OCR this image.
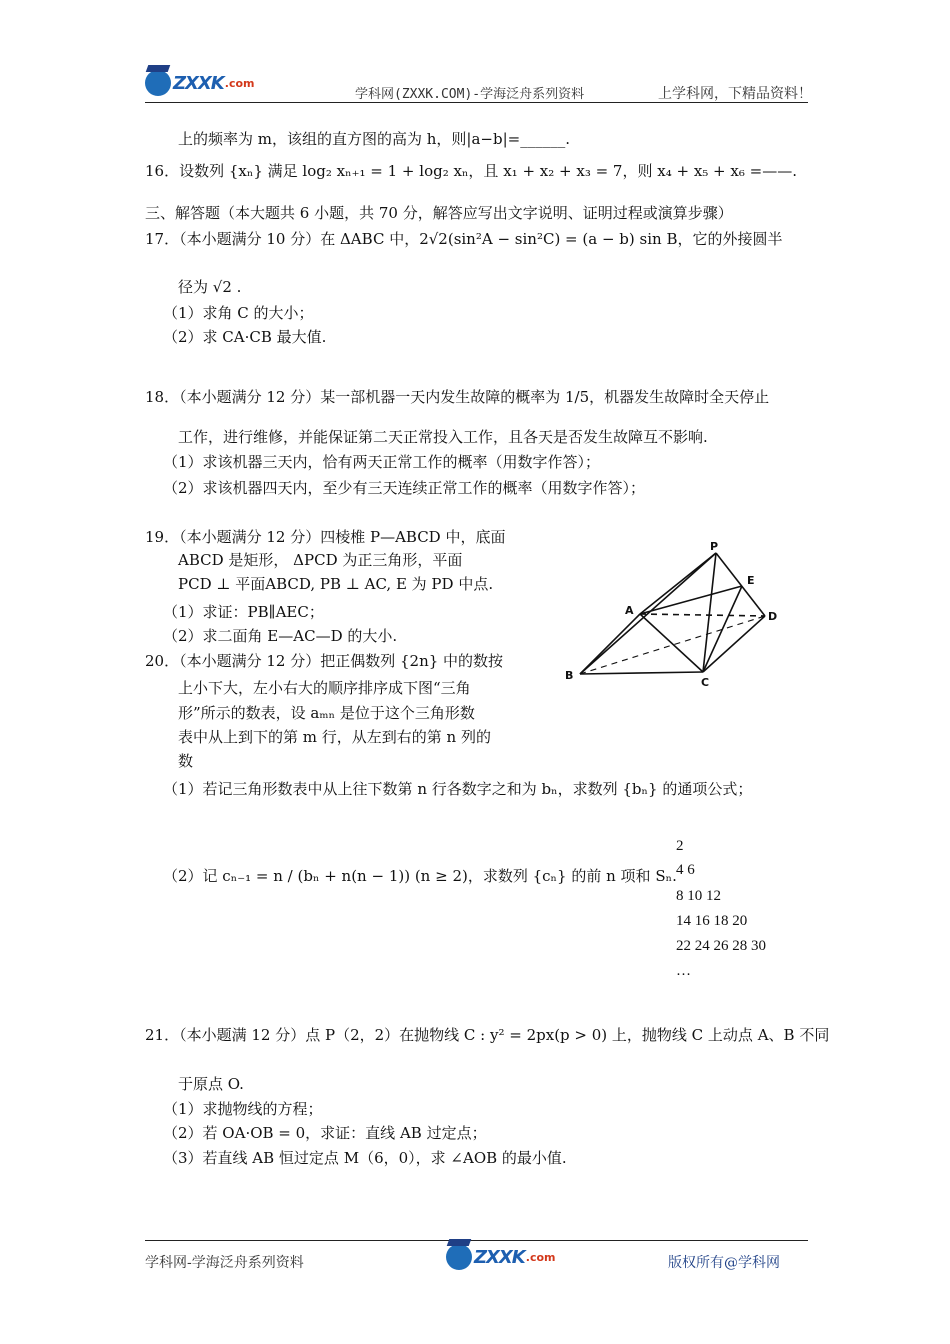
ZXXK .com
学科网(ZXXK.COM)-学海泛舟系列资料	上学科网，下精品资料！
上的频率为 m，该组的直方图的高为 h，则|a−b|=______.
16．设数列 {xₙ} 满足 log₂ xₙ₊₁ = 1 + log₂ xₙ，且 x₁ + x₂ + x₃ = 7，则 x₄ + x₅ + x₆ =——.
三、解答题（本大题共 6 小题，共 70 分，解答应写出文字说明、证明过程或演算步骤）
17．（本小题满分 10 分）在 ΔABC 中，2√2(sin²A − sin²C) = (a − b) sin B，它的外接圆半
径为 √2 .
（1）求角 C 的大小；
（2）求 CA·CB 最大值.
18．（本小题满分 12 分）某一部机器一天内发生故障的概率为 1/5，机器发生故障时全天停止
工作，进行维修，并能保证第二天正常投入工作，且各天是否发生故障互不影响.
（1）求该机器三天内，恰有两天正常工作的概率（用数字作答）；
（2）求该机器四天内，至少有三天连续正常工作的概率（用数字作答）；
19．（本小题满分 12 分）四棱椎 P—ABCD 中，底面
ABCD 是矩形， ΔPCD 为正三角形，平面
PCD ⊥ 平面ABCD, PB ⊥ AC, E 为 PD 中点.
（1）求证：PB∥AEC；
（2）求二面角 E—AC—D 的大小.
20．（本小题满分 12 分）把正偶数列 {2n} 中的数按
上小下大，左小右大的顺序排序成下图“三角
形”所示的数表，设 aₘₙ 是位于这个三角形数
表中从上到下的第 m 行，从左到右的第 n 列的
数
（1）若记三角形数表中从上往下数第 n 行各数字之和为 bₙ，求数列 {bₙ} 的通项公式；
（2）记 cₙ₋₁ = n / (bₙ + n(n − 1)) (n ≥ 2)，求数列 {cₙ} 的前 n 项和 Sₙ.
2
4 6
8 10 12
14 16 18 20
22 24 26 28 30
…
21．（本小题满 12 分）点 P（2，2）在抛物线 C : y² = 2px(p > 0) 上，抛物线 C 上动点 A、B 不同
于原点 O.
（1）求抛物线的方程；
（2）若 OA·OB = 0，求证：直线 AB 过定点；
（3）若直线 AB 恒过定点 M（6，0），求 ∠AOB 的最小值.
P
E
A	D
B
C
学科网-学海泛舟系列资料	ZXXK .com	版权所有@学科网
